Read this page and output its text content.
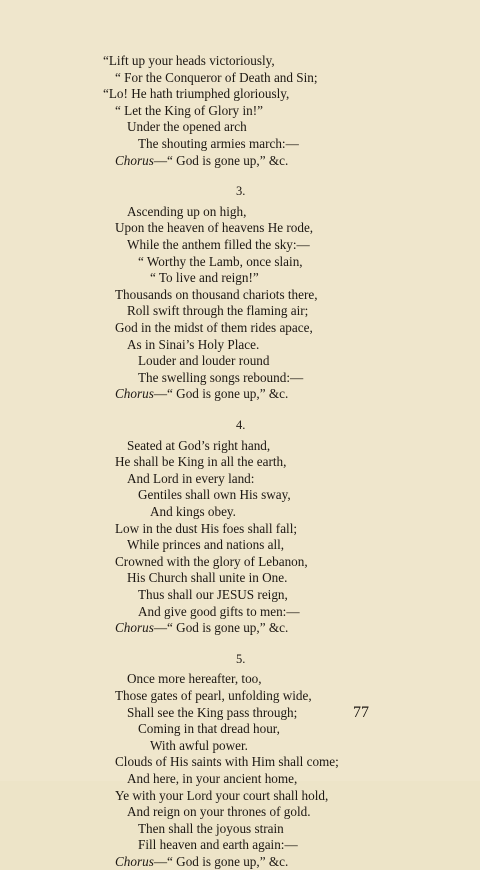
“Lift up your heads victoriously,
“ For the Conqueror of Death and Sin;
“Lo! He hath triumphed gloriously,
“ Let the King of Glory in!”
Under the opened arch
The shouting armies march:—
Chorus—“ God is gone up,” &c.
3.
Ascending up on high,
Upon the heaven of heavens He rode,
While the anthem filled the sky:—
“ Worthy the Lamb, once slain,
“ To live and reign!”
Thousands on thousand chariots there,
Roll swift through the flaming air;
God in the midst of them rides apace,
As in Sinai’s Holy Place.
Louder and louder round
The swelling songs rebound:—
Chorus—“ God is gone up,” &c.
4.
Seated at God’s right hand,
He shall be King in all the earth,
And Lord in every land:
Gentiles shall own His sway,
And kings obey.
Low in the dust His foes shall fall;
While princes and nations all,
Crowned with the glory of Lebanon,
His Church shall unite in One.
Thus shall our JESUS reign,
And give good gifts to men:—
Chorus—“ God is gone up,” &c.
5.
Once more hereafter, too,
Those gates of pearl, unfolding wide,
Shall see the King pass through;
Coming in that dread hour,
With awful power.
Clouds of His saints with Him shall come;
And here, in your ancient home,
Ye with your Lord your court shall hold,
And reign on your thrones of gold.
Then shall the joyous strain
Fill heaven and earth again:—
Chorus—“ God is gone up,” &c.
77
